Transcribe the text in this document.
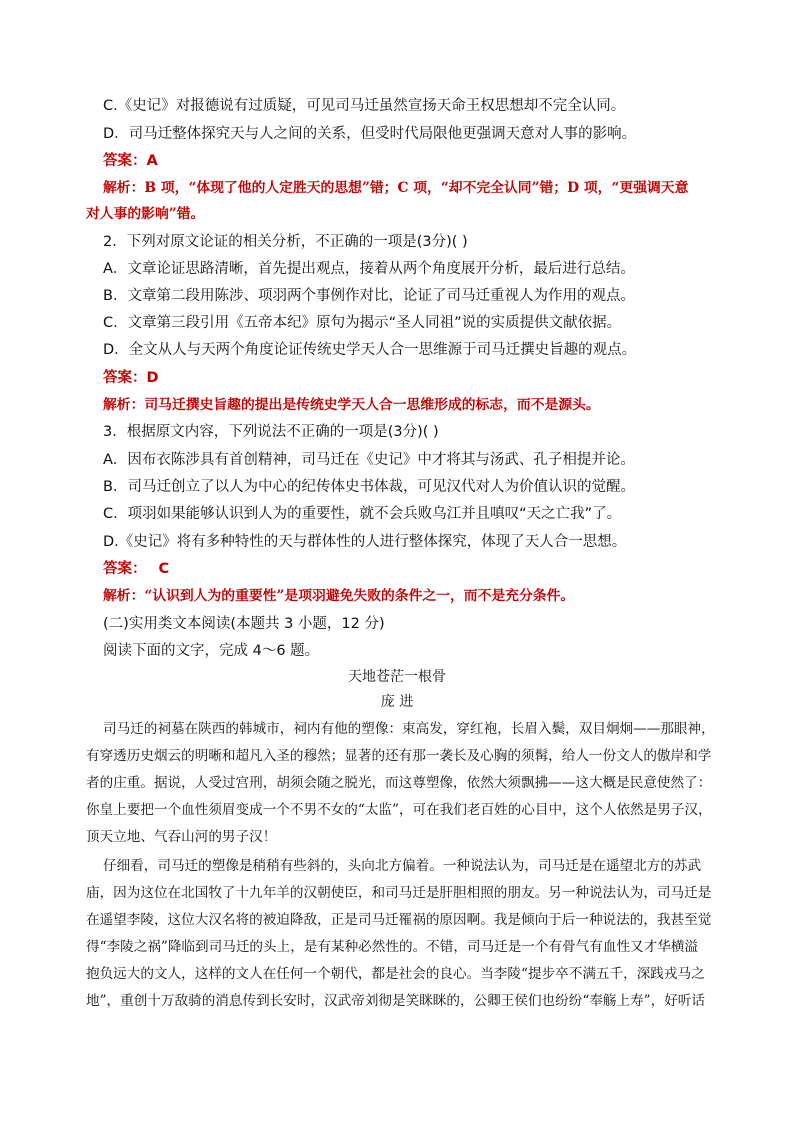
C.《史记》对报德说有过质疑，可见司马迁虽然宣扬天命王权思想却不完全认同。
D．司马迁整体探究天与人之间的关系，但受时代局限他更强调天意对人事的影响。
答案：A
解析：B 项，“体现了他的人定胜天的思想”错；C 项，“却不完全认同”错；D 项，“更强调天意
对人事的影响”错。
2．下列对原文论证的相关分析，不正确的一项是(3分)( )
A．文章论证思路清晰，首先提出观点，接着从两个角度展开分析，最后进行总结。
B．文章第二段用陈涉、项羽两个事例作对比，论证了司马迁重视人为作用的观点。
C．文章第三段引用《五帝本纪》原句为揭示“圣人同祖”说的实质提供文献依据。
D．全文从人与天两个角度论证传统史学天人合一思维源于司马迁撰史旨趣的观点。
答案：D
解析：司马迁撰史旨趣的提出是传统史学天人合一思维形成的标志，而不是源头。
3．根据原文内容，下列说法不正确的一项是(3分)( )
A．因布衣陈涉具有首创精神，司马迁在《史记》中才将其与汤武、孔子相提并论。
B．司马迁创立了以人为中心的纪传体史书体裁，可见汉代对人为价值认识的觉醒。
C．项羽如果能够认识到人为的重要性，就不会兵败乌江并且嗔叹“天之亡我”了。
D.《史记》将有多种特性的天与群体性的人进行整体探究，体现了天人合一思想。
答案： C
解析：“认识到人为的重要性”是项羽避免失败的条件之一，而不是充分条件。
(二)实用类文本阅读(本题共 3 小题，12 分)
阅读下面的文字，完成 4～6 题。
天地苍茫一根骨
庞 进
司马迁的祠墓在陕西的韩城市，祠内有他的塑像：束高发，穿红袍，长眉入鬓，双目炯炯——那眼神，
有穿透历史烟云的明晰和超凡入圣的穆然；显著的还有那一袭长及心胸的须髯，给人一份文人的傲岸和学
者的庄重。据说，人受过宫刑，胡须会随之脱光，而这尊塑像，依然大须飘拂——这大概是民意使然了：
你皇上要把一个血性须眉变成一个不男不女的“太监”，可在我们老百姓的心目中，这个人依然是男子汉，
顶天立地、气吞山河的男子汉！
仔细看，司马迁的塑像是稍稍有些斜的，头向北方偏着。一种说法认为，司马迁是在遥望北方的苏武
庙，因为这位在北国牧了十九年羊的汉朝使臣，和司马迁是肝胆相照的朋友。另一种说法认为，司马迁是
在遥望李陵，这位大汉名将的被迫降敌，正是司马迁罹祸的原因啊。我是倾向于后一种说法的，我甚至觉
得“李陵之祸”降临到司马迁的头上，是有某种必然性的。不错，司马迁是一个有骨气有血性又才华横溢
抱负远大的文人，这样的文人在任何一个朝代，都是社会的良心。当李陵“提步卒不满五千，深践戎马之
地”，重创十万敌骑的消息传到长安时，汉武帝刘彻是笑眯眯的，公卿王侯们也纷纷“奉觞上寿”，好听话
